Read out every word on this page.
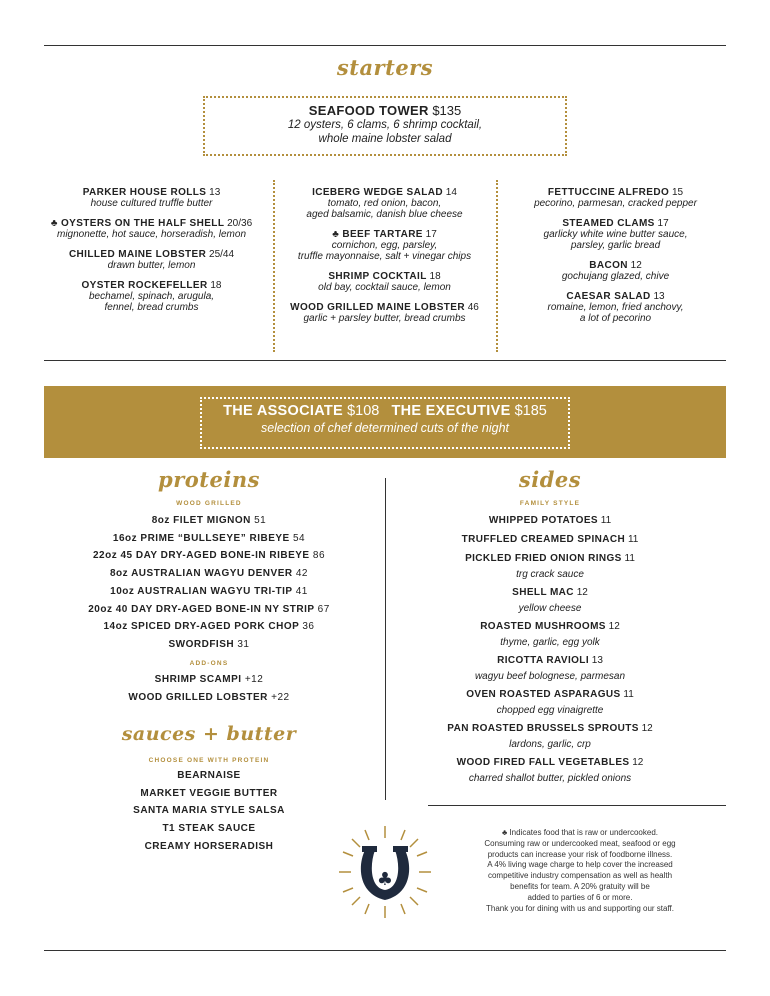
starters
SEAFOOD TOWER $135
12 oysters, 6 clams, 6 shrimp cocktail,
whole maine lobster salad
PARKER HOUSE ROLLS 13
house cultured truffle butter
♣ OYSTERS ON THE HALF SHELL 20/36
mignonette, hot sauce, horseradish, lemon
CHILLED MAINE LOBSTER 25/44
drawn butter, lemon
OYSTER ROCKEFELLER 18
bechamel, spinach, arugula,
fennel, bread crumbs
ICEBERG WEDGE SALAD 14
tomato, red onion, bacon,
aged balsamic, danish blue cheese
♣ BEEF TARTARE 17
cornichon, egg, parsley,
truffle mayonnaise, salt + vinegar chips
SHRIMP COCKTAIL 18
old bay, cocktail sauce, lemon
WOOD GRILLED MAINE LOBSTER 46
garlic + parsley butter, bread crumbs
FETTUCCINE ALFREDO 15
pecorino, parmesan, cracked pepper
STEAMED CLAMS 17
garlicky white wine butter sauce,
parsley, garlic bread
BACON 12
gochujang glazed, chive
CAESAR SALAD 13
romaine, lemon, fried anchovy,
a lot of pecorino
THE ASSOCIATE $108 THE EXECUTIVE $185
selection of chef determined cuts of the night
proteins
WOOD GRILLED
8oz FILET MIGNON 51
16oz PRIME “BULLSEYE” RIBEYE 54
22oz 45 DAY DRY-AGED BONE-IN RIBEYE 86
8oz AUSTRALIAN WAGYU DENVER 42
10oz AUSTRALIAN WAGYU TRI-TIP 41
20oz 40 DAY DRY-AGED BONE-IN NY STRIP 67
14oz SPICED DRY-AGED PORK CHOP 36
SWORDFISH 31
ADD-ONS
SHRIMP SCAMPI +12
WOOD GRILLED LOBSTER +22
sauces + butter
CHOOSE ONE WITH PROTEIN
BEARNAISE
MARKET VEGGIE BUTTER
SANTA MARIA STYLE SALSA
T1 STEAK SAUCE
CREAMY HORSERADISH
sides
FAMILY STYLE
WHIPPED POTATOES 11
TRUFFLED CREAMED SPINACH 11
PICKLED FRIED ONION RINGS 11
trg crack sauce
SHELL MAC 12
yellow cheese
ROASTED MUSHROOMS 12
thyme, garlic, egg yolk
RICOTTA RAVIOLI 13
wagyu beef bolognese, parmesan
OVEN ROASTED ASPARAGUS 11
chopped egg vinaigrette
PAN ROASTED BRUSSELS SPROUTS 12
lardons, garlic, crp
WOOD FIRED FALL VEGETABLES 12
charred shallot butter, pickled onions
♣
♣ Indicates food that is raw or undercooked.
Consuming raw or undercooked meat, seafood or egg
products can increase your risk of foodborne illness.
A 4% living wage charge to help cover the increased
competitive industry compensation as well as health
benefits for team. A 20% gratuity will be
added to parties of 6 or more.
Thank you for dining with us and supporting our staff.
